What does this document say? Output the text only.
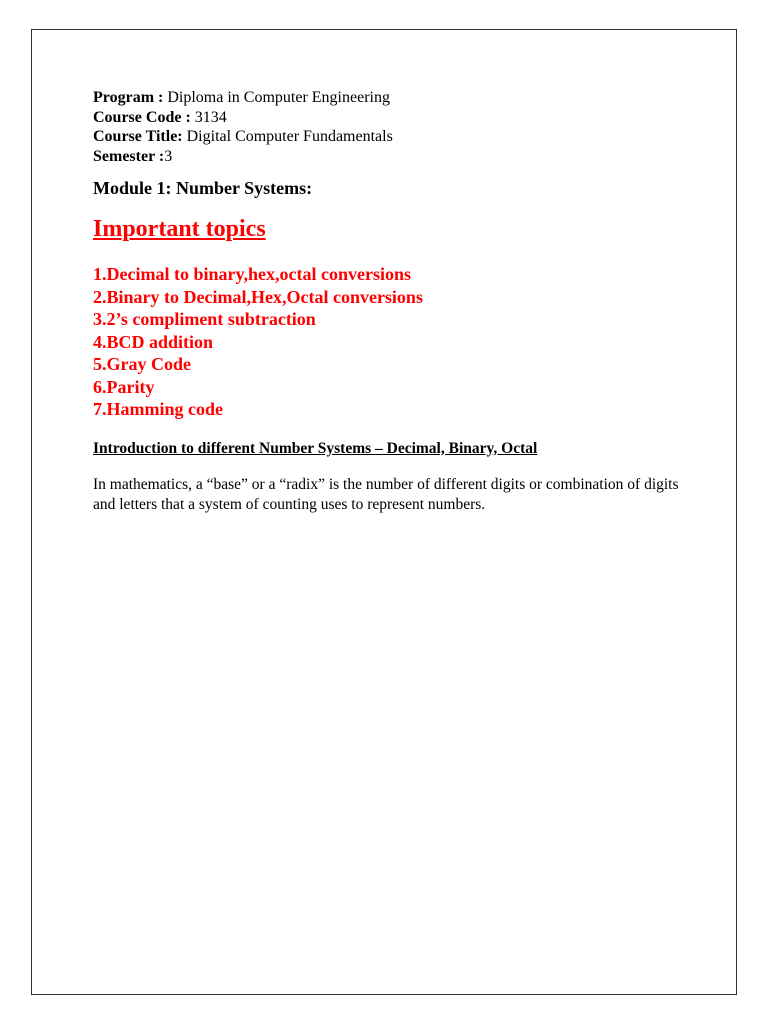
Program : Diploma in Computer Engineering

Course Code : 3134

Course Title: Digital Computer Fundamentals

Semester :3

Module 1: Number Systems:

Important topics

1.Decimal to binary,hex,octal conversions
2.Binary to Decimal,Hex,Octal conversions
3.2’s compliment subtraction
4.BCD addition
5.Gray Code
6.Parity
7.Hamming code

Introduction to different Number Systems – Decimal, Binary, Octal

In mathematics, a “base” or a “radix” is the number of different digits or combination of digits and letters that a system of counting uses to represent numbers.
